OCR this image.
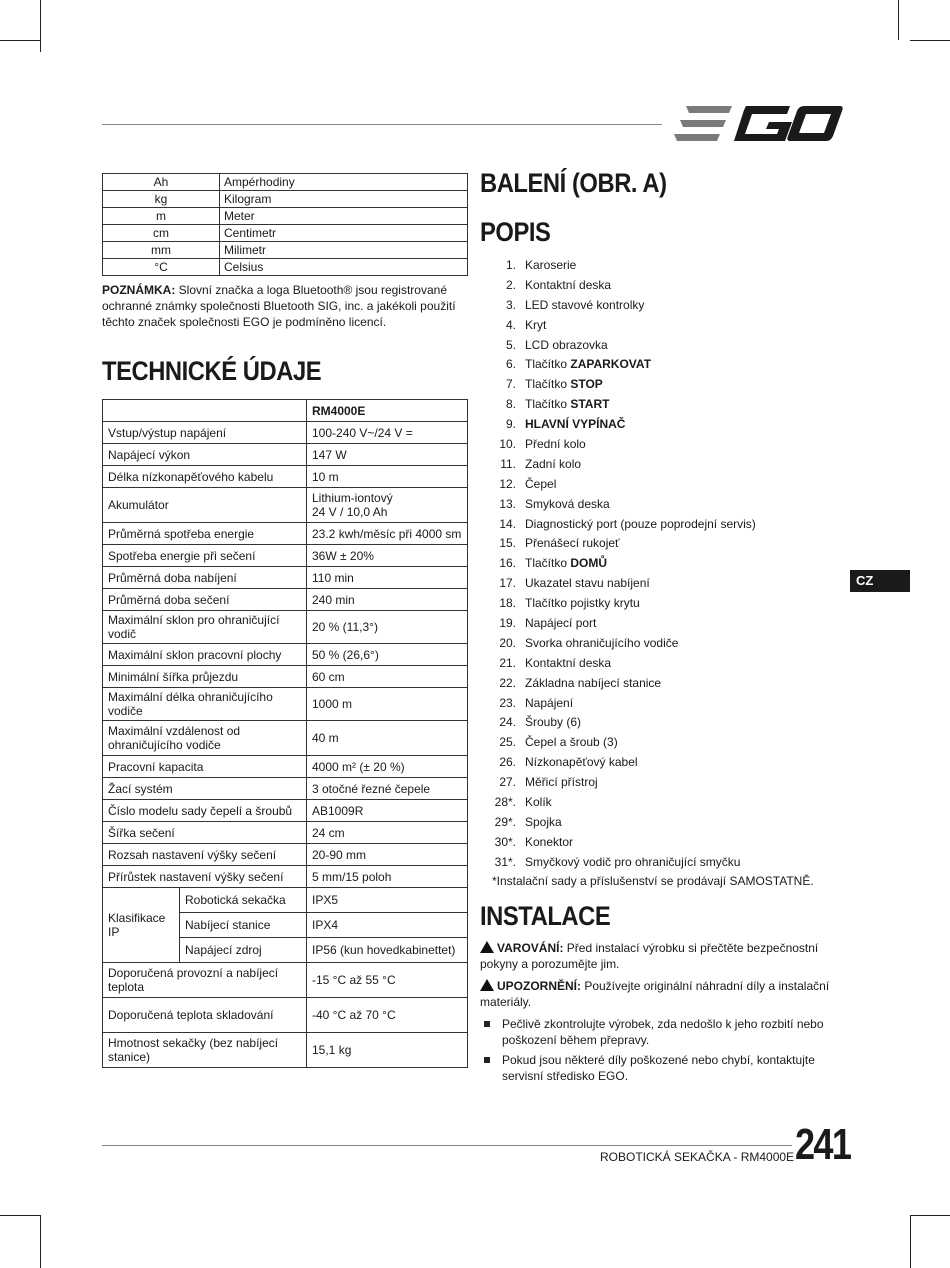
Ah	Ampérhodiny
kg	Kilogram
m	Meter
cm	Centimetr
mm	Milimetr
°C	Celsius

POZNÁMKA: Slovní značka a loga Bluetooth® jsou registrované ochranné známky společnosti Bluetooth SIG, inc. a jakékoli použití těchto značek společnosti EGO je podmíněno licencí.

TECHNICKÉ ÚDAJE
		RM4000E
Vstup/výstup napájení		100-240 V~/24 V =
Napájecí výkon		147 W
Délka nízkonapěťového kabelu		10 m
Akumulátor		Lithium-iontový
24 V / 10,0 Ah
Průměrná spotřeba energie		23.2 kwh/měsíc při 4000 sm
Spotřeba energie při sečení		36W ± 20%
Průměrná doba nabíjení		110 min
Průměrná doba sečení		240 min
Maximální sklon pro ohraničující vodič		20 % (11,3°)
Maximální sklon pracovní plochy		50 % (26,6°)
Minimální šířka průjezdu		60 cm
Maximální délka ohraničujícího vodiče		1000 m
Maximální vzdálenost od ohraničujícího vodiče		40 m
Pracovní kapacita		4000 m² (± 20 %)
Žací systém		3 otočné řezné čepele
Číslo modelu sady čepelí a šroubů		AB1009R
Šířka sečení		24 cm
Rozsah nastavení výšky sečení		20-90 mm
Přírůstek nastavení výšky sečení		5 mm/15 poloh
Klasifikace IP	Robotická sekačka	IPX5
	Nabíjecí stanice	IPX4
	Napájecí zdroj	IP56 (kun hovedkabinettet)
Doporučená provozní a nabíjecí teplota		-15 °C až 55 °C
Doporučená teplota skladování		-40 °C až 70 °C
Hmotnost sekačky (bez nabíjecí stanice)		15,1 kg
BALENÍ (OBR. A)
POPIS
1. Karoserie
2. Kontaktní deska
3. LED stavové kontrolky
4. Kryt
5. LCD obrazovka
6. Tlačítko ZAPARKOVAT
7. Tlačítko STOP
8. Tlačítko START
9. HLAVNÍ VYPÍNAČ
10. Přední kolo
11. Zadní kolo
12. Čepel
13. Smyková deska
14. Diagnostický port (pouze poprodejní servis)
15. Přenášecí rukojeť
16. Tlačítko DOMŮ
17. Ukazatel stavu nabíjení
18. Tlačítko pojistky krytu
19. Napájecí port
20. Svorka ohraničujícího vodiče
21. Kontaktní deska
22. Základna nabíjecí stanice
23. Napájení
24. Šrouby (6)
25. Čepel a šroub (3)
26. Nízkonapěťový kabel
27. Měřicí přístroj
28*. Kolík
29*. Spojka
30*. Konektor
31*. Smyčkový vodič pro ohraničující smyčku

*Instalační sady a příslušenství se prodávají SAMOSTATNĚ.

INSTALACE

VAROVÁNÍ: Před instalací výrobku si přečtěte bezpečnostní pokyny a porozumějte jim.

UPOZORNĚNÍ: Používejte originální náhradní díly a instalační materiály.

Pečlivě zkontrolujte výrobek, zda nedošlo k jeho rozbití nebo poškození během přepravy.
Pokud jsou některé díly poškozené nebo chybí, kontaktujte servisní středisko EGO.
CZ
ROBOTICKÁ SEKAČKA - RM4000E 241
